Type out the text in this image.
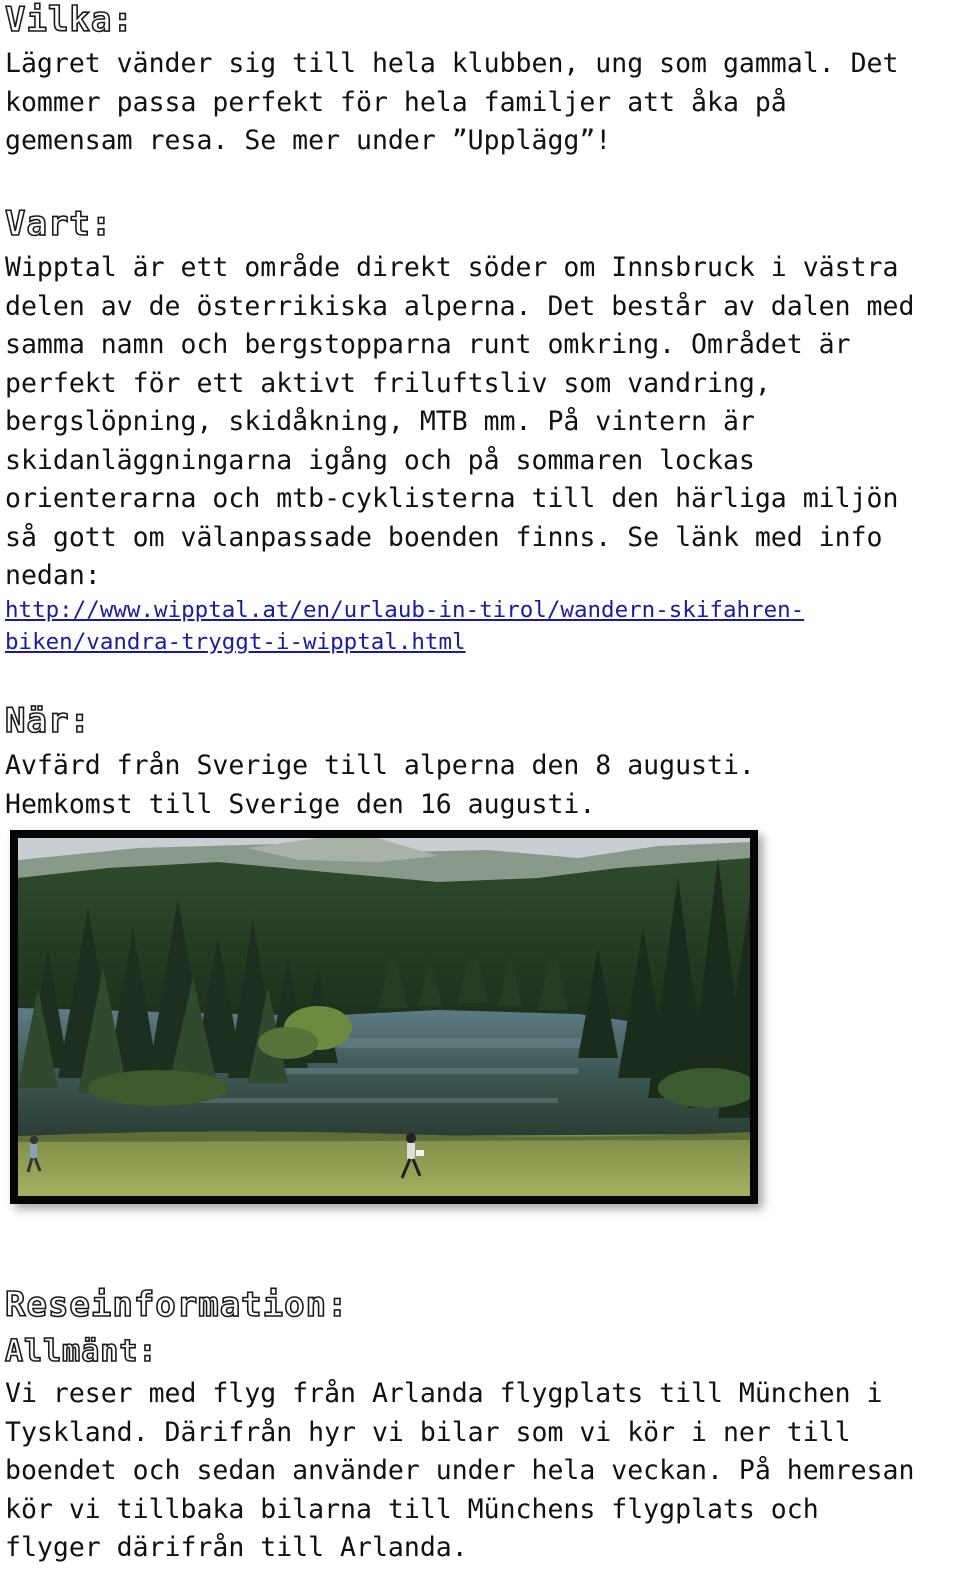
Vilka:

Lägret vänder sig till hela klubben, ung som gammal. Det
kommer passa perfekt för hela familjer att åka på
gemensam resa. Se mer under ”Upplägg”!

Vart:

Wipptal är ett område direkt söder om Innsbruck i västra
delen av de österrikiska alperna. Det består av dalen med
samma namn och bergstopparna runt omkring. Området är
perfekt för ett aktivt friluftsliv som vandring,
bergslöpning, skidåkning, MTB mm. På vintern är
skidanläggningarna igång och på sommaren lockas
orienterarna och mtb-cyklisterna till den härliga miljön
så gott om välanpassade boenden finns. Se länk med info
nedan:

http://www.wipptal.at/en/urlaub-in-tirol/wandern-skifahren-
biken/vandra-tryggt-i-wipptal.html
När:

Avfärd från Sverige till alperna den 8 augusti.
Hemkomst till Sverige den 16 augusti.

Reseinformation:
Allmänt:

Vi reser med flyg från Arlanda flygplats till München i
Tyskland. Därifrån hyr vi bilar som vi kör i ner till
boendet och sedan använder under hela veckan. På hemresan
kör vi tillbaka bilarna till Münchens flygplats och
flyger därifrån till Arlanda.
